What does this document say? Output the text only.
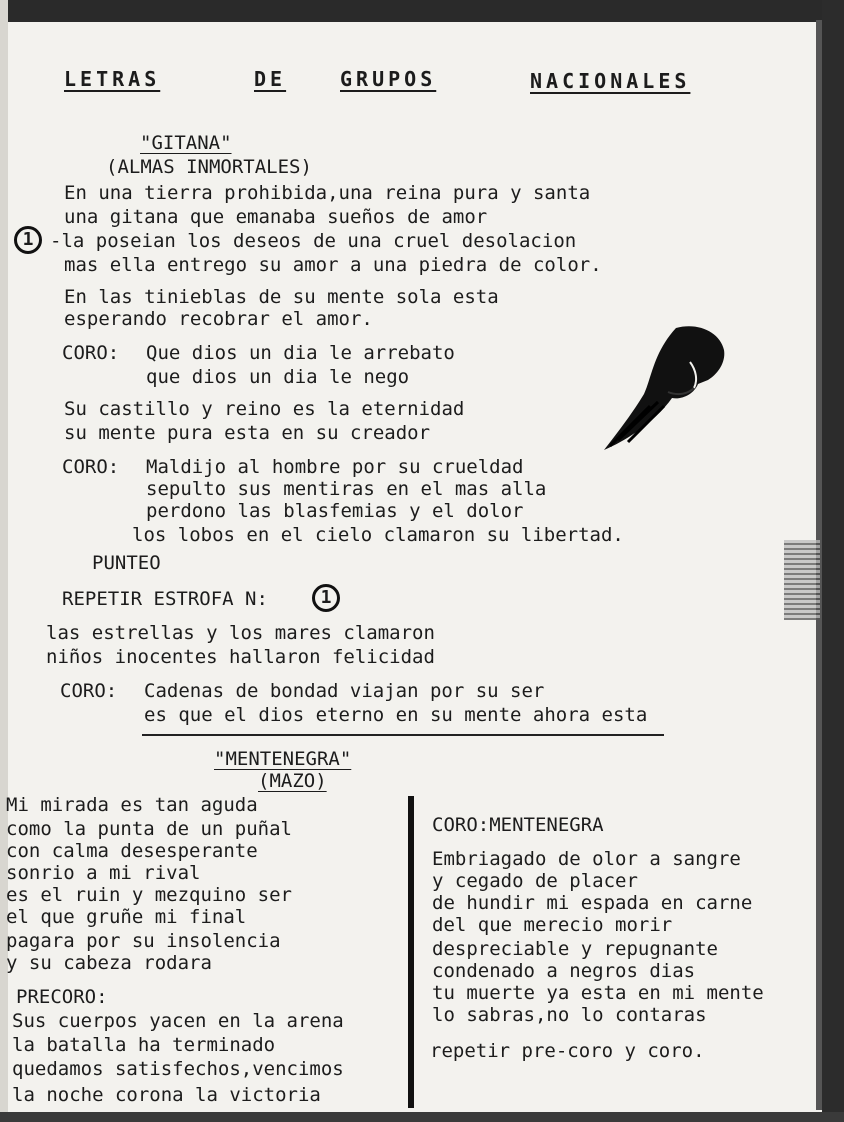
LETRAS	DE	GRUPOS	NACIONALES
"GITANA"
(ALMAS INMORTALES)
En una tierra prohibida,una reina pura y santa
una gitana que emanaba sueños de amor
1 -la poseian los deseos de una cruel desolacion
mas ella entrego su amor a una piedra de color.
En las tinieblas de su mente sola esta
esperando recobrar el amor.
CORO: Que dios un dia le arrebato
que dios un dia le nego
Su castillo y reino es la eternidad
su mente pura esta en su creador
CORO: Maldijo al hombre por su crueldad
sepulto sus mentiras en el mas alla
perdono las blasfemias y el dolor
los lobos en el cielo clamaron su libertad.
PUNTEO
REPETIR ESTROFA N:	1
las estrellas y los mares clamaron
niños inocentes hallaron felicidad
CORO: Cadenas de bondad viajan por su ser
es que el dios eterno en su mente ahora esta
"MENTENEGRA"
(MAZO)
Mi mirada es tan aguda
como la punta de un puñal
con calma desesperante
sonrio a mi rival
es el ruin y mezquino ser
el que gruñe mi final
pagara por su insolencia
y su cabeza rodara
PRECORO:
Sus cuerpos yacen en la arena
la batalla ha terminado
quedamos satisfechos,vencimos
la noche corona la victoria
CORO:MENTENEGRA
Embriagado de olor a sangre
y cegado de placer
de hundir mi espada en carne
del que merecio morir
despreciable y repugnante
condenado a negros dias
tu muerte ya esta en mi mente
lo sabras,no lo contaras
repetir pre-coro y coro.
